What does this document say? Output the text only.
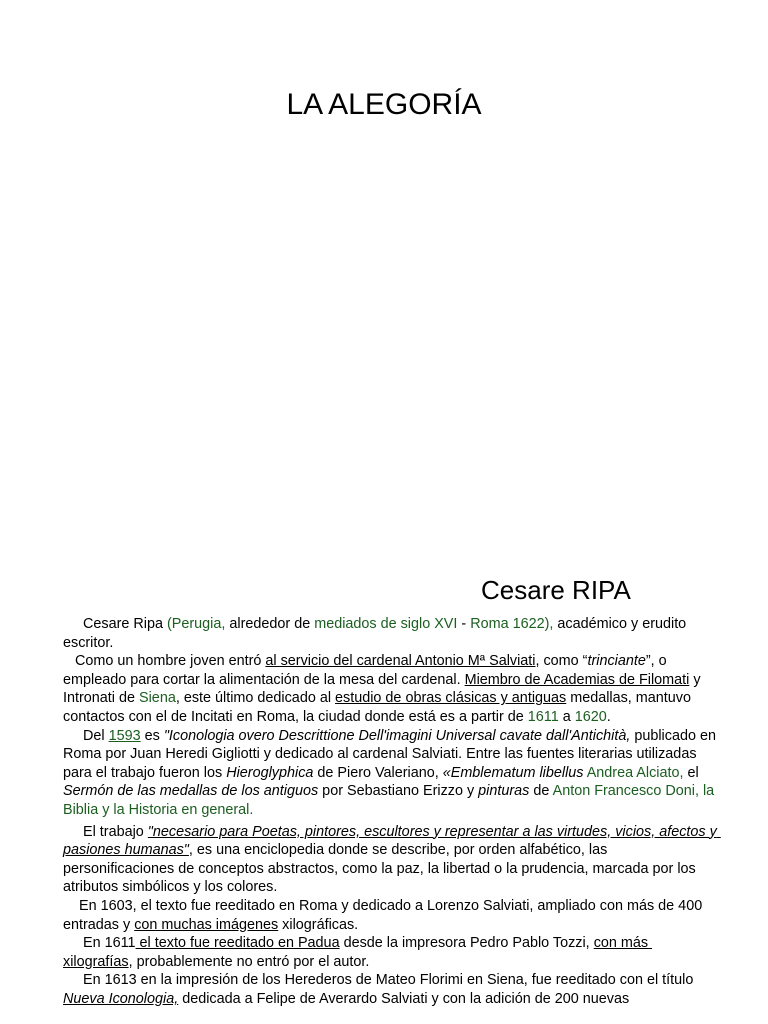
LA ALEGORÍA
Cesare RIPA

Cesare Ripa (Perugia, alrededor de mediados de siglo XVI - Roma 1622), académico y erudito escritor.

Como un hombre joven entró al servicio del cardenal Antonio Mª Salviati, como “trinciante”, o empleado para cortar la alimentación de la mesa del cardenal. Miembro de Academias de Filomati y Intronati de Siena, este último dedicado al estudio de obras clásicas y antiguas medallas, mantuvo contactos con el de Incitati en Roma, la ciudad donde está es a partir de 1611 a 1620.

Del 1593 es "Iconologia overo Descrittione Dell'imagini Universal cavate dall'Antichità, publicado en Roma por Juan Heredi Gigliotti y dedicado al cardenal Salviati. Entre las fuentes literarias utilizadas para el trabajo fueron los Hieroglyphica de Piero Valeriano, «Emblematum libellus Andrea Alciato, el Sermón de las medallas de los antiguos por Sebastiano Erizzo y pinturas de Anton Francesco Doni, la Biblia y la Historia en general.

El trabajo "necesario para Poetas, pintores, escultores y representar a las virtudes, vicios, afectos y pasiones humanas", es una enciclopedia donde se describe, por orden alfabético, las personificaciones de conceptos abstractos, como la paz, la libertad o la prudencia, marcada por los atributos simbólicos y los colores.

En 1603, el texto fue reeditado en Roma y dedicado a Lorenzo Salviati, ampliado con más de 400 entradas y con muchas imágenes xilográficas.

En 1611 el texto fue reeditado en Padua desde la impresora Pedro Pablo Tozzi, con más xilografías, probablemente no entró por el autor.

En 1613 en la impresión de los Herederos de Mateo Florimi en Siena, fue reeditado con el título Nueva Iconologia, dedicada a Felipe de Averardo Salviati y con la adición de 200 nuevas
